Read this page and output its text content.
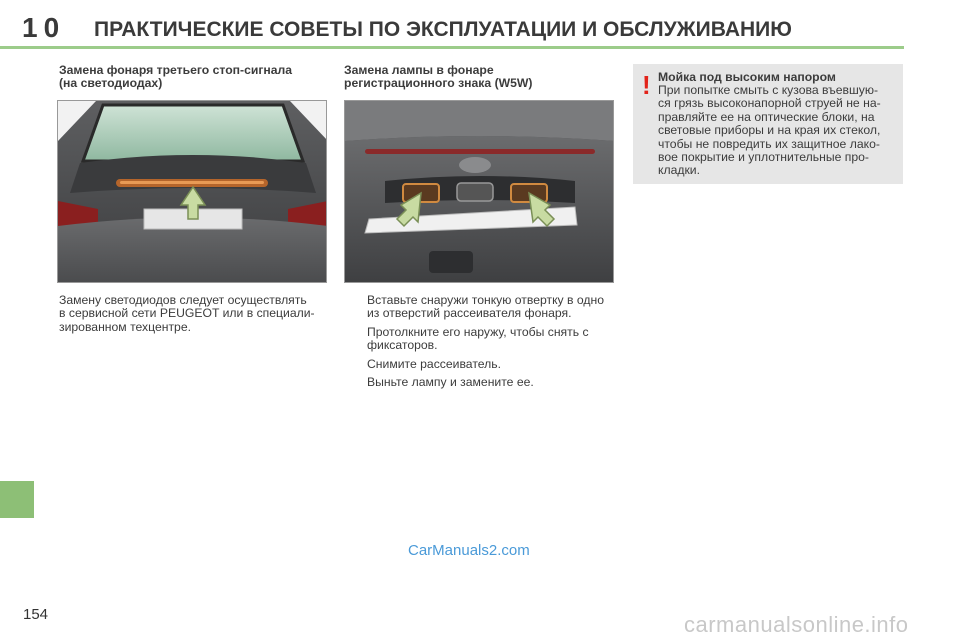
10 ПРАКТИЧЕСКИЕ СОВЕТЫ ПО ЭКСПЛУАТАЦИИ И ОБСЛУЖИВАНИЮ
Замена фонаря третьего стоп-сигнала
(на светодиодах)
Замену светодиодов следует осуществлять
в сервисной сети PEUGEOT или в специали-
зированном техцентре.
Замена лампы в фонаре
регистрационного знака (W5W)
Вставьте снаружи тонкую отвертку в одно
из отверстий рассеивателя фонаря.
Протолкните его наружу, чтобы снять с
фиксаторов.
Снимите рассеиватель.
Выньте лампу и замените ее.
! Мойка под высоким напором
При попытке смыть с кузова въевшую-
ся грязь высоконапорной струей не на-
правляйте ее на оптические блоки, на
световые приборы и на края их стекол,
чтобы не повредить их защитное лако-
вое покрытие и уплотнительные про-
кладки.
CarManuals2.com
154	carmanualsonline.info
